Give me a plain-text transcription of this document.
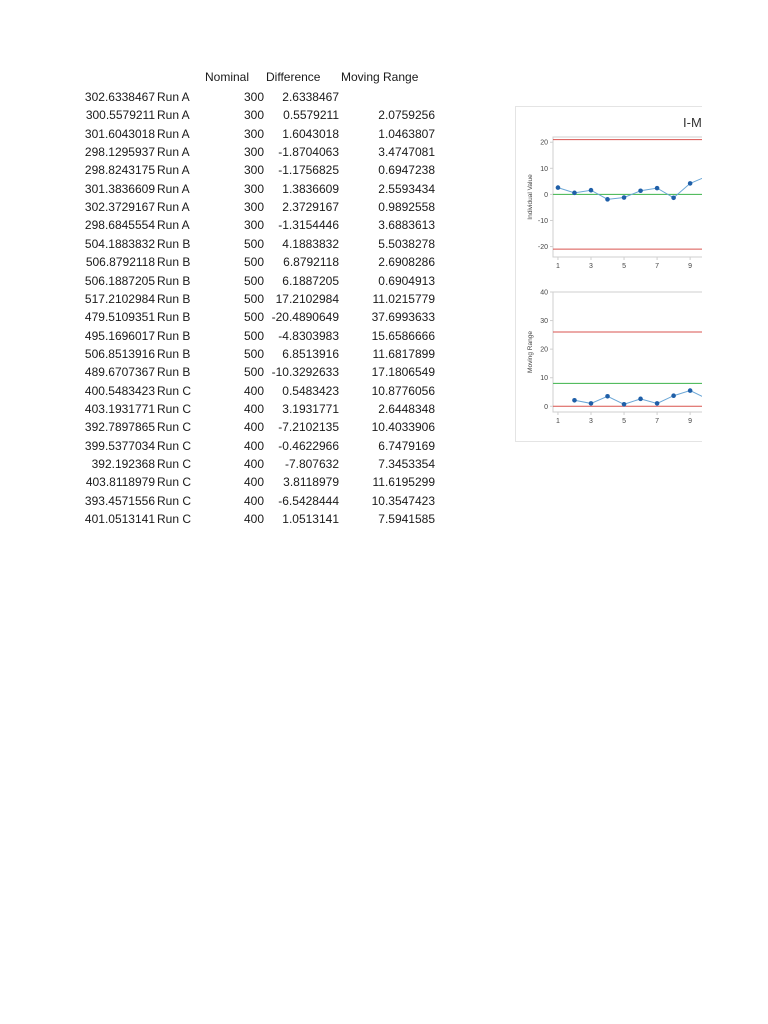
Nominal Difference Moving Range
302.6338467 Run A	300 2.6338467
300.5579211 Run A	300 0.5579211	2.0759256
301.6043018 Run A	300 1.6043018	1.0463807
298.1295937 Run A	300 -1.8704063	3.4747081
298.8243175 Run A	300 -1.1756825	0.6947238
301.3836609 Run A	300 1.3836609	2.5593434
302.3729167 Run A	300 2.3729167	0.9892558
298.6845554 Run A	300 -1.3154446	3.6883613
504.1883832 Run B	500 4.1883832	5.5038278
506.8792118 Run B	500 6.8792118	2.6908286
506.1887205 Run B	500 6.1887205	0.6904913
517.2102984 Run B	500 17.2102984	11.0215779
479.5109351 Run B	500 -20.4890649	37.6993633
495.1696017 Run B	500 -4.8303983	15.6586666
506.8513916 Run B	500 6.8513916	11.6817899
489.6707367 Run B	500 -10.3292633	17.1806549
400.5483423 Run C	400 0.5483423	10.8776056
403.1931771 Run C	400 3.1931771	2.6448348
392.7897865 Run C	400 -7.2102135	10.4033906
399.5377034 Run C	400 -0.4622966	6.7479169
392.192368 Run C	400 -7.807632	7.3453354
403.8118979 Run C	400 3.8118979	11.6195299
393.4571556 Run C	400 -6.5428444	10.3547423
401.0513141 Run C	400 1.0513141	7.5941585
I-M
20
10
0
-10
-20
1	3	5	7	9
Individual Value
40
30
20
10
0
1	3	5	7	9
Moving Range
